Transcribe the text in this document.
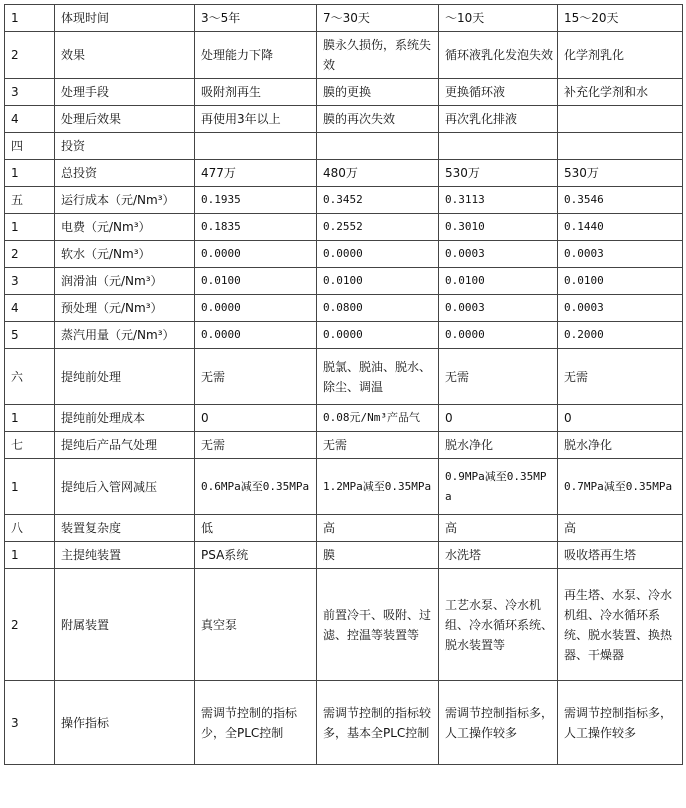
1	体现时间	3～5年	7～30天	～10天	15～20天
2	效果	处理能力下降	膜永久损伤，系统失效	循环液乳化发泡失效	化学剂乳化
3	处理手段	吸附剂再生	膜的更换	更换循环液	补充化学剂和水
4	处理后效果	再使用3年以上	膜的再次失效	再次乳化排液	
四	投资				
1	总投资	477万	480万	530万	530万
五	运行成本（元/Nm³）	0.1935	0.3452	0.3113	0.3546
1	电费（元/Nm³）	0.1835	0.2552	0.3010	0.1440
2	软水（元/Nm³）	0.0000	0.0000	0.0003	0.0003
3	润滑油（元/Nm³）	0.0100	0.0100	0.0100	0.0100
4	预处理（元/Nm³）	0.0000	0.0800	0.0003	0.0003
5	蒸汽用量（元/Nm³）	0.0000	0.0000	0.0000	0.2000
六	提纯前处理	无需	脱氯、脱油、脱水、除尘、调温	无需	无需
1	提纯前处理成本	0	0.08元/Nm³产品气	0	0
七	提纯后产品气处理	无需	无需	脱水净化	脱水净化
1	提纯后入管网减压	0.6MPa减至0.35MPa	1.2MPa减至0.35MPa	0.9MPa减至0.35MPa	0.7MPa减至0.35MPa
八	装置复杂度	低	高	高	高
1	主提纯装置	PSA系统	膜	水洗塔	吸收塔再生塔
2	附属装置	真空泵	前置冷干、吸附、过滤、控温等装置等	工艺水泵、冷水机组、冷水循环系统、脱水装置等	再生塔、水泵、冷水机组、冷水循环系统、脱水装置、换热器、干燥器
3	操作指标	需调节控制的指标少，全PLC控制	需调节控制的指标较多，基本全PLC控制	需调节控制指标多，人工操作较多	需调节控制指标多，人工操作较多
